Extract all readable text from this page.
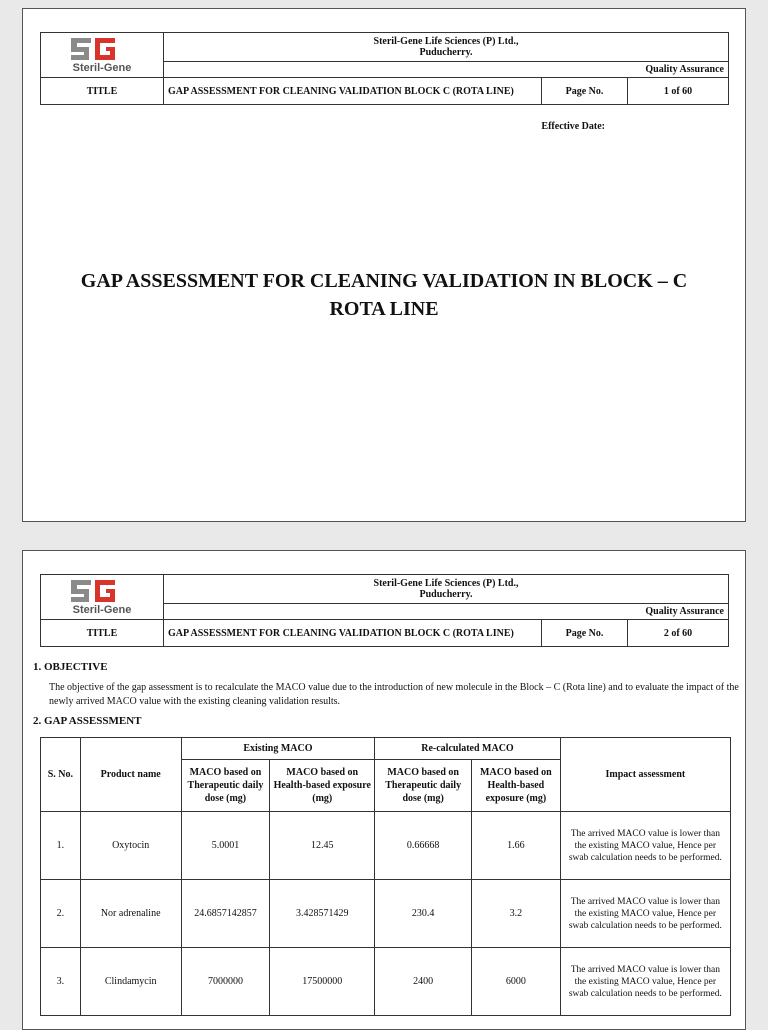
Steril-Gene	Steril-Gene Life Sciences (P) Ltd.,
Puducherry.		

	Quality Assurance		
TITLE	GAP ASSESSMENT FOR CLEANING VALIDATION BLOCK C (ROTA LINE)	Page No.	1 of 60
Effective Date:
GAP ASSESSMENT FOR CLEANING VALIDATION IN BLOCK – C
ROTA LINE
Steril-Gene	Steril-Gene Life Sciences (P) Ltd.,
Puducherry.		

	Quality Assurance		
TITLE	GAP ASSESSMENT FOR CLEANING VALIDATION BLOCK C (ROTA LINE)	Page No.	2 of 60
1. OBJECTIVE
The objective of the gap assessment is to recalculate the MACO value due to the introduction of new molecule in the Block – C (Rota line) and to evaluate the impact of the newly arrived MACO value with the existing cleaning validation results.
2. GAP ASSESSMENT
S. No.	Product name	Existing MACO		Re-calculated MACO		Impact assessment
		MACO based on Therapeutic daily dose (mg)	MACO based on Health-based exposure (mg)	MACO based on Therapeutic daily dose (mg)	MACO based on Health-based exposure (mg)	
1.	Oxytocin	5.0001	12.45	0.66668	1.66	The arrived MACO value is lower than the existing MACO value, Hence per swab calculation needs to be performed.
2.	Nor adrenaline	24.6857142857	3.428571429	230.4	3.2	The arrived MACO value is lower than the existing MACO value, Hence per swab calculation needs to be performed.
3.	Clindamycin	7000000	17500000	2400	6000	The arrived MACO value is lower than the existing MACO value, Hence per swab calculation needs to be performed.
